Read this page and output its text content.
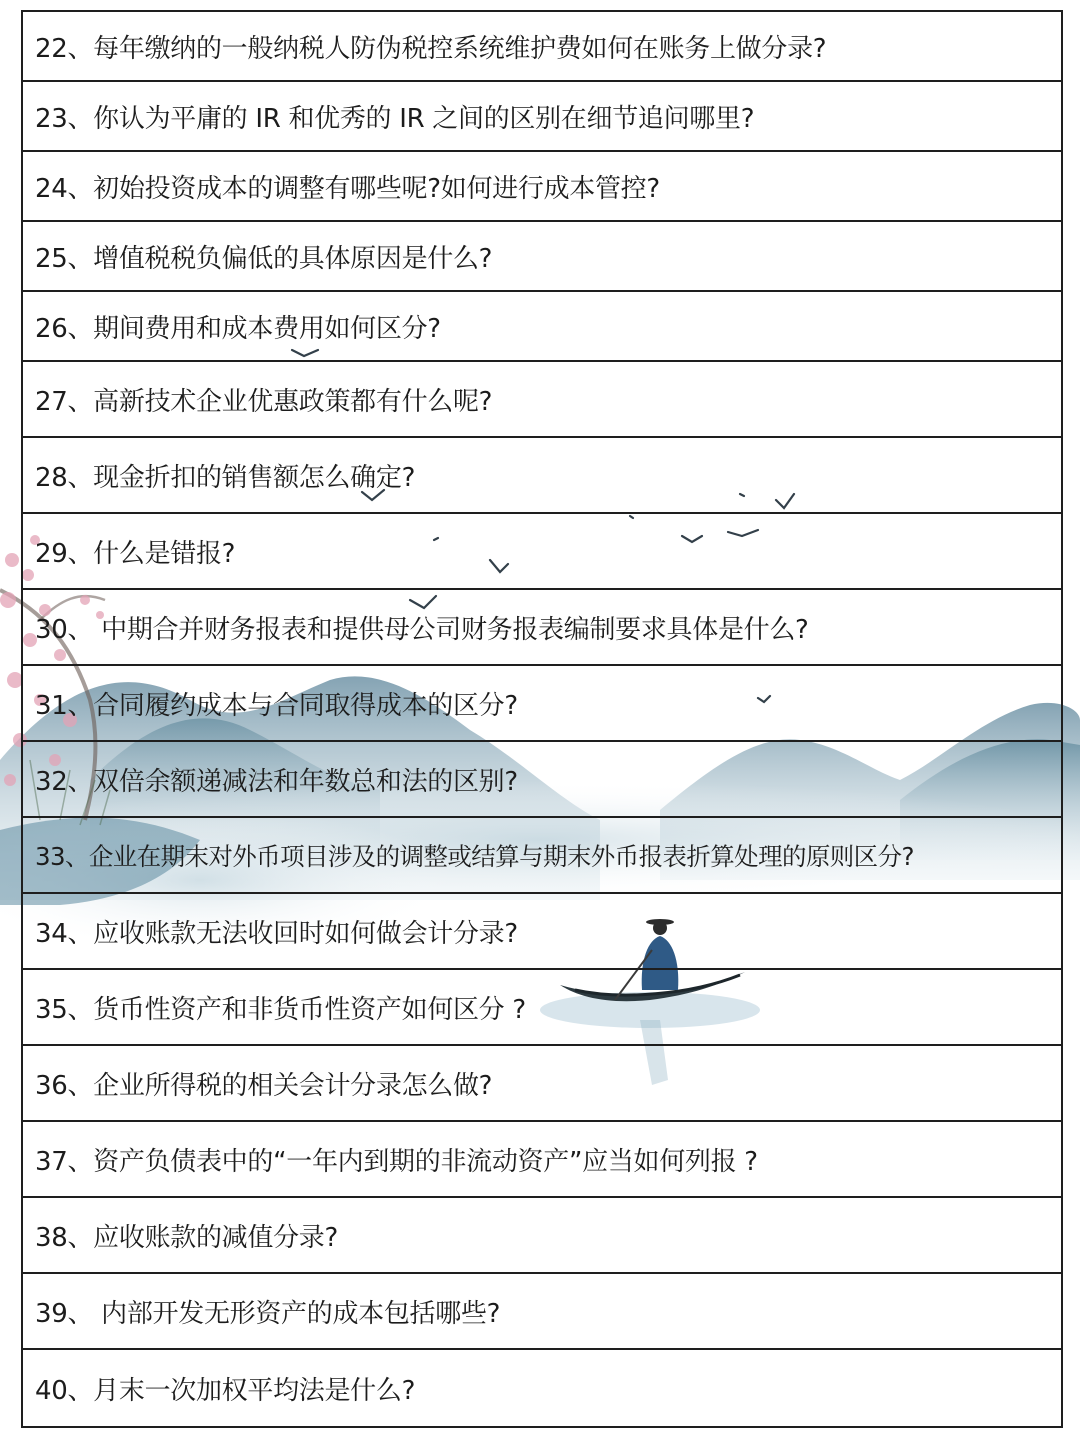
22、每年缴纳的一般纳税人防伪税控系统维护费如何在账务上做分录?
23、你认为平庸的 IR 和优秀的 IR 之间的区别在细节追问哪里?
24、初始投资成本的调整有哪些呢?如何进行成本管控?
25、增值税税负偏低的具体原因是什么?
26、期间费用和成本费用如何区分?
27、高新技术企业优惠政策都有什么呢?
28、现金折扣的销售额怎么确定?
29、什么是错报?
30、 中期合并财务报表和提供母公司财务报表编制要求具体是什么?
31、合同履约成本与合同取得成本的区分?
32、双倍余额递减法和年数总和法的区别?
33、企业在期末对外币项目涉及的调整或结算与期末外币报表折算处理的原则区分?
34、应收账款无法收回时如何做会计分录?
35、货币性资产和非货币性资产如何区分 ?
36、企业所得税的相关会计分录怎么做?
37、资产负债表中的“一年内到期的非流动资产”应当如何列报 ?
38、应收账款的减值分录?
39、 内部开发无形资产的成本包括哪些?
40、月末一次加权平均法是什么?
